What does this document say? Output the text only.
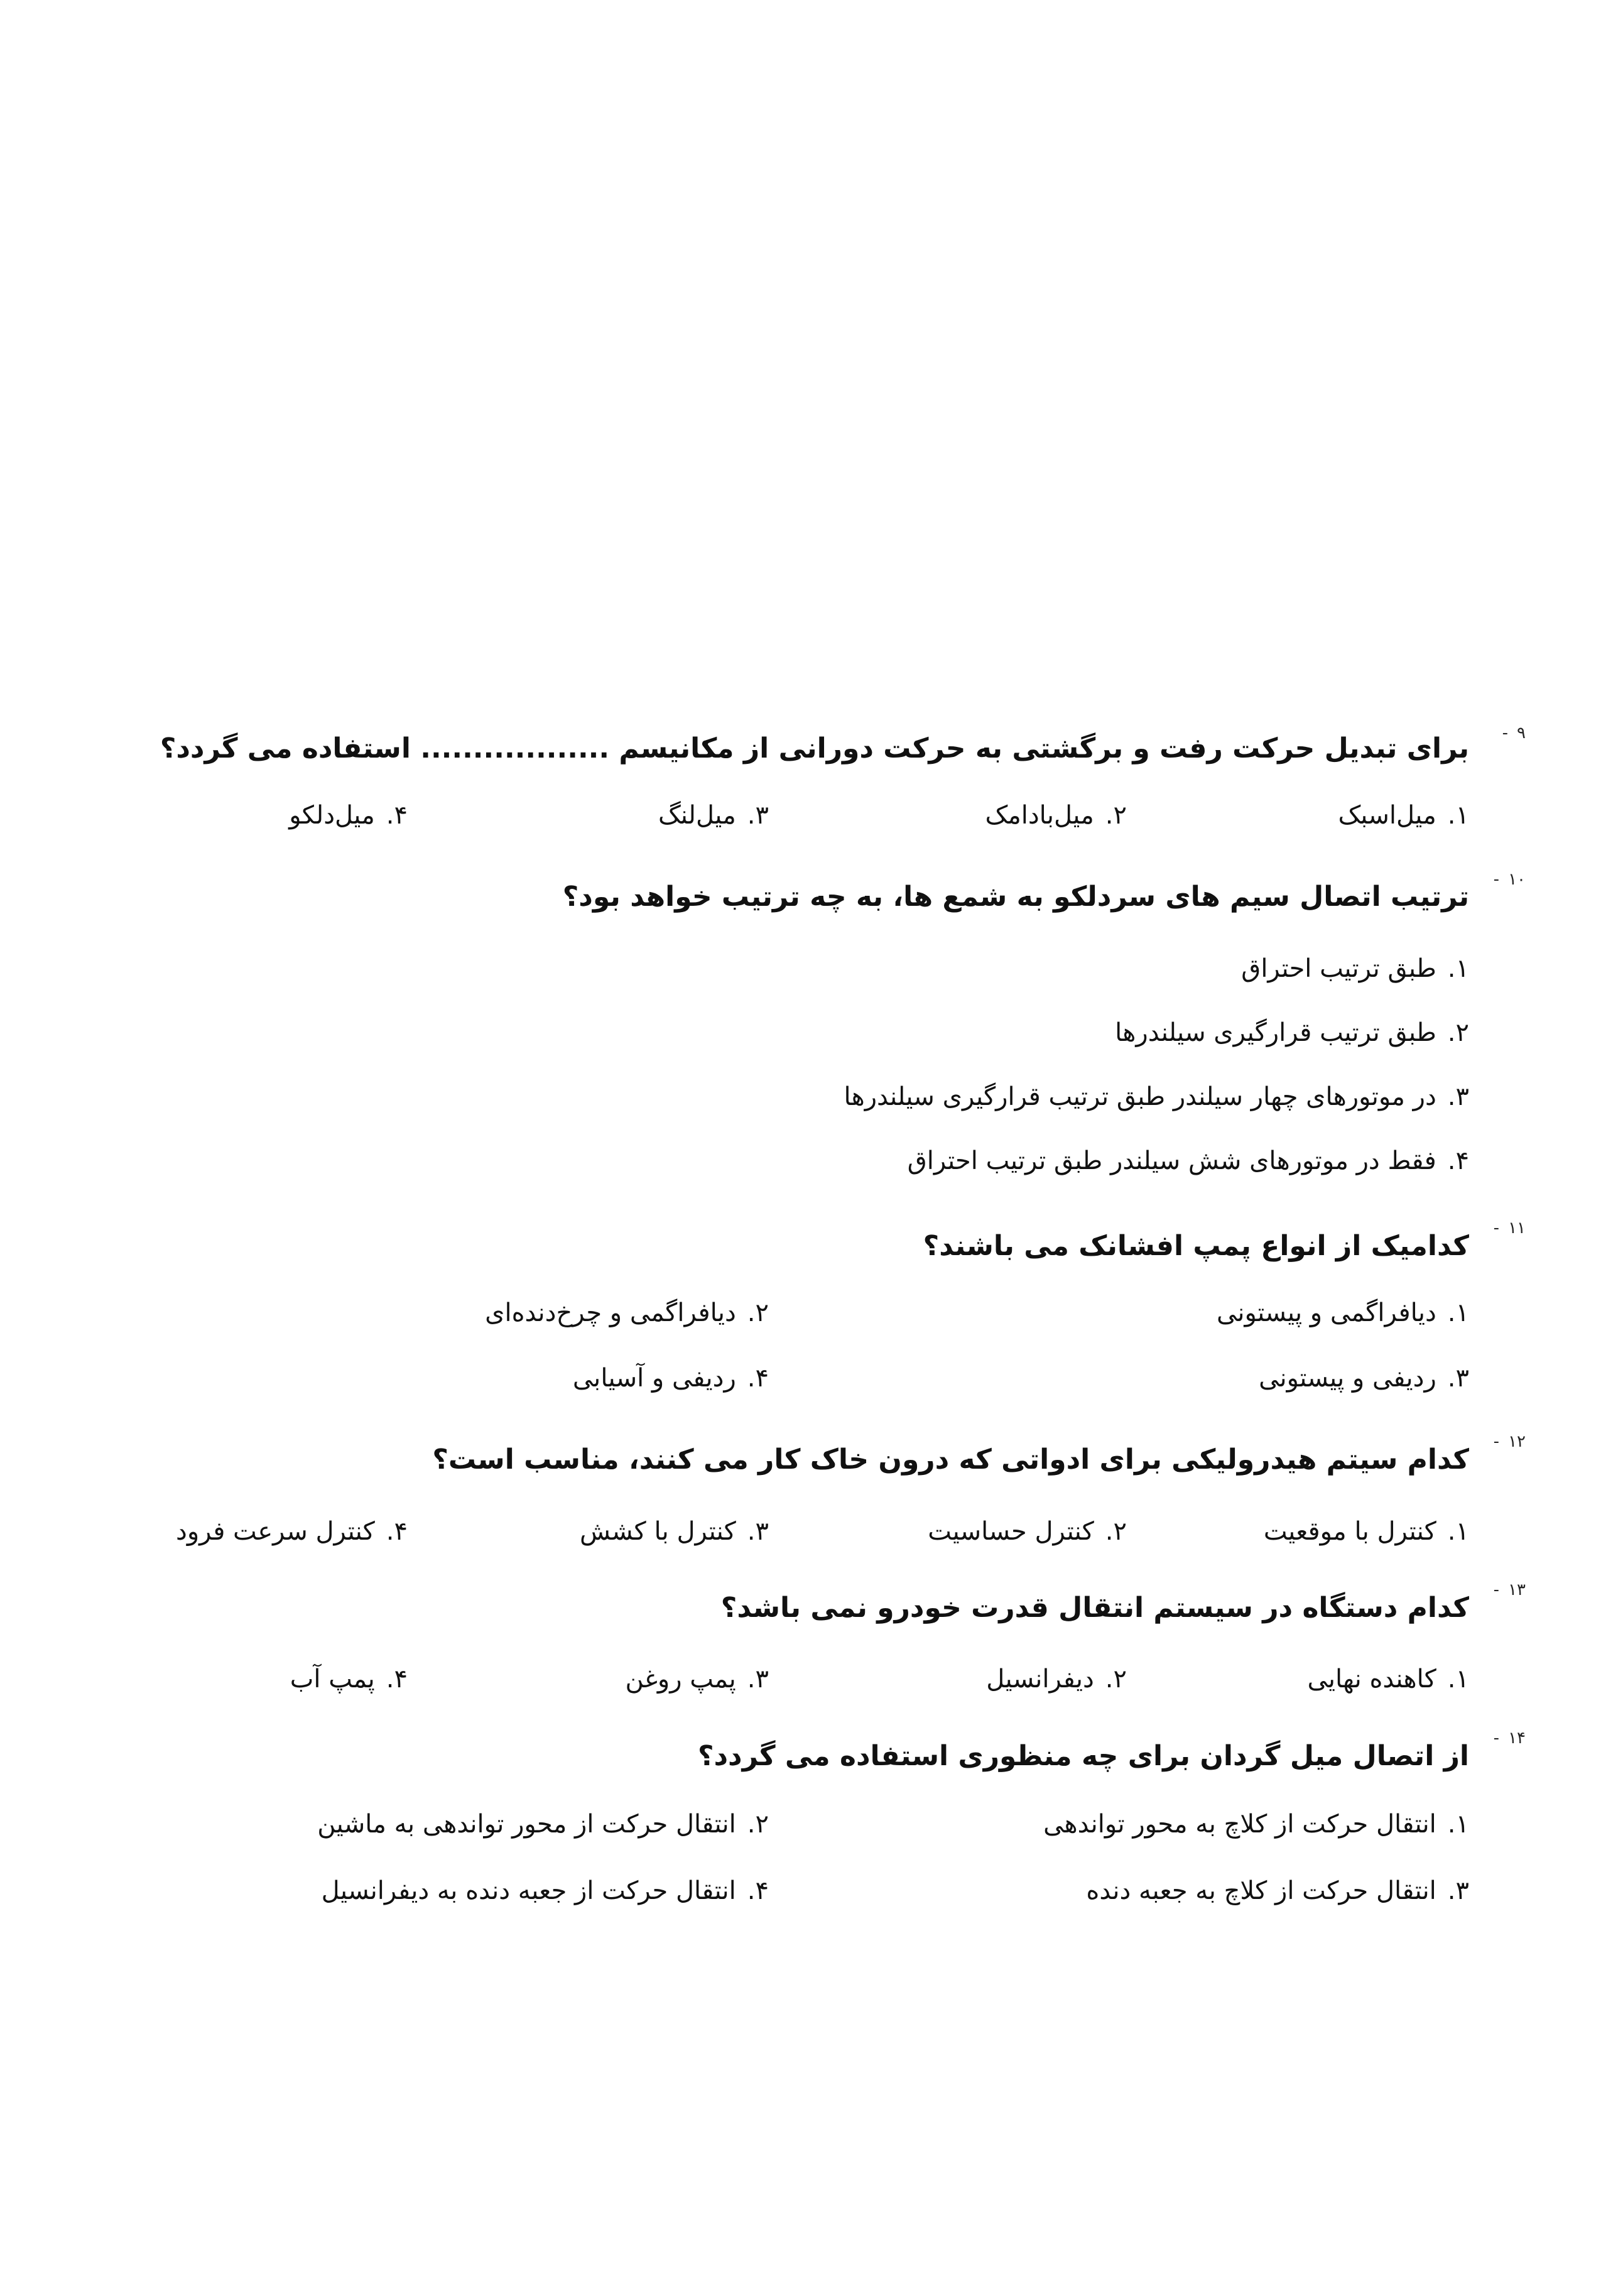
۹-
برای تبدیل حرکت رفت و برگشتی به حرکت دورانی از مکانیسم .................. استفاده می گردد؟
۱.میل‌اسبک
۲.میل‌بادامک
۳.میل‌لنگ
۴.میل‌دلکو
۱۰-
ترتیب اتصال سیم های سردلکو به شمع ها، به چه ترتیب خواهد بود؟
۱.طبق ترتیب احتراق
۲.طبق ترتیب قرارگیری سیلندرها
۳.در موتورهای چهار سیلندر طبق ترتیب قرارگیری سیلندرها
۴.فقط در موتورهای شش سیلندر طبق ترتیب احتراق
۱۱-
کدامیک از انواع پمپ افشانک می باشند؟
۱.دیافراگمی و پیستونی
۲.دیافراگمی و چرخ‌دنده‌ای
۳.ردیفی و پیستونی
۴.ردیفی و آسیابی
۱۲-
کدام سیتم هیدرولیکی برای ادواتی که درون خاک کار می کنند، مناسب است؟
۱.کنترل با موقعیت
۲.کنترل حساسیت
۳.کنترل با کشش
۴.کنترل سرعت فرود
۱۳-
کدام دستگاه در سیستم انتقال قدرت خودرو نمی باشد؟
۱.کاهنده نهایی
۲.دیفرانسیل
۳.پمپ روغن
۴.پمپ آب
۱۴-
از اتصال میل گردان برای چه منظوری استفاده می گردد؟
۱.انتقال حرکت از کلاچ به محور تواندهی
۲.انتقال حرکت از محور تواندهی به ماشین
۳.انتقال حرکت از کلاچ به جعبه دنده
۴.انتقال حرکت از جعبه دنده به دیفرانسیل
